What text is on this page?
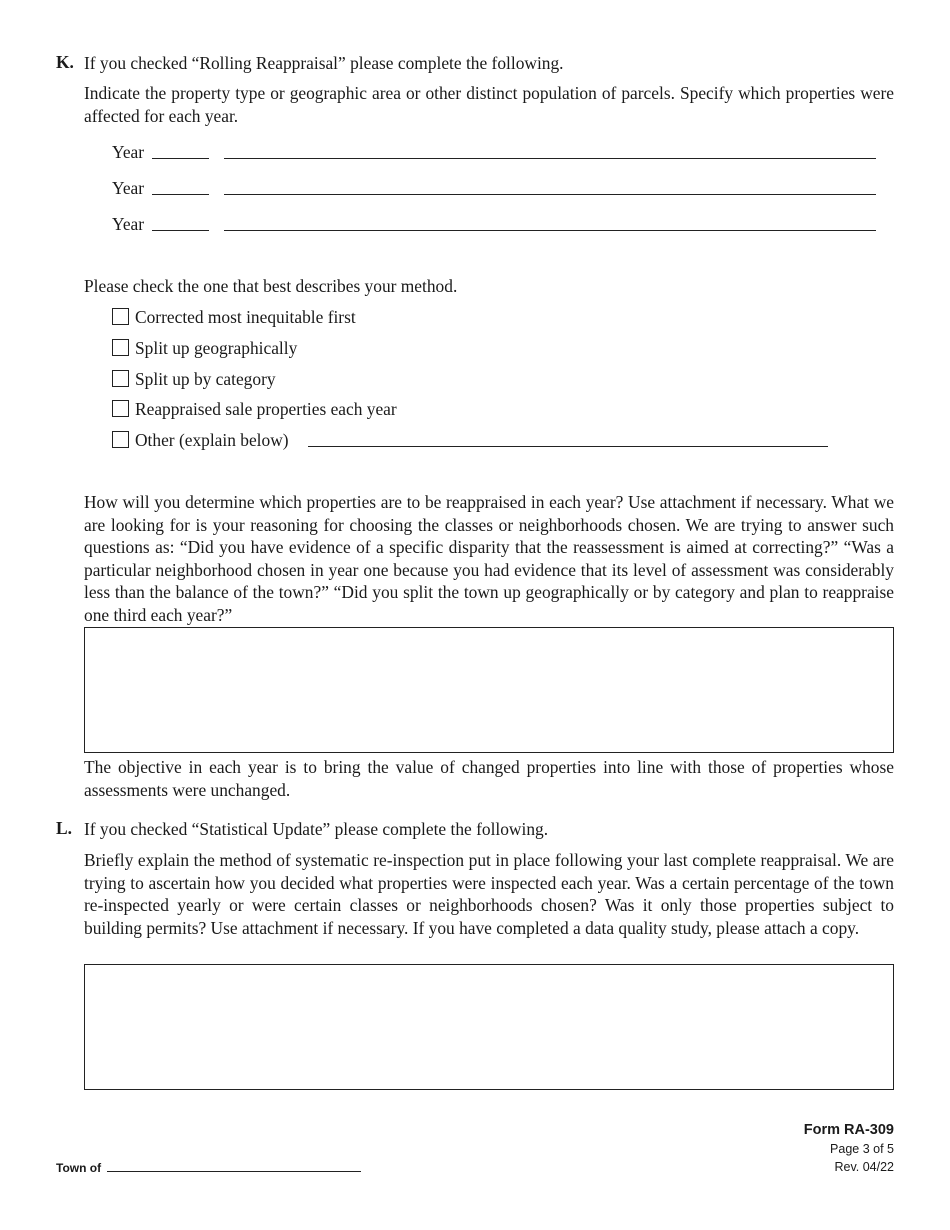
K. If you checked “Rolling Reappraisal” please complete the following.
Indicate the property type or geographic area or other distinct population of parcels. Specify which properties were affected for each year.
Year
Year
Year
Please check the one that best describes your method.
Corrected most inequitable first
Split up geographically
Split up by category
Reappraised sale properties each year
Other (explain below)
How will you determine which properties are to be reappraised in each year? Use attachment if necessary. What we are looking for is your reasoning for choosing the classes or neighborhoods chosen. We are trying to answer such questions as: “Did you have evidence of a specific disparity that the reassessment is aimed at correcting?” “Was a particular neighborhood chosen in year one because you had evidence that its level of assessment was considerably less than the balance of the town?” “Did you split the town up geographically or by category and plan to reappraise one third each year?”
The objective in each year is to bring the value of changed properties into line with those of properties whose assessments were unchanged.
L. If you checked “Statistical Update” please complete the following.
Briefly explain the method of systematic re-inspection put in place following your last complete reappraisal. We are trying to ascertain how you decided what properties were inspected each year. Was a certain percentage of the town re-inspected yearly or were certain classes or neighborhoods chosen? Was it only those properties subject to building permits? Use attachment if necessary. If you have completed a data quality study, please attach a copy.
Town of
Form RA-309
Page 3 of 5
Rev. 04/22
